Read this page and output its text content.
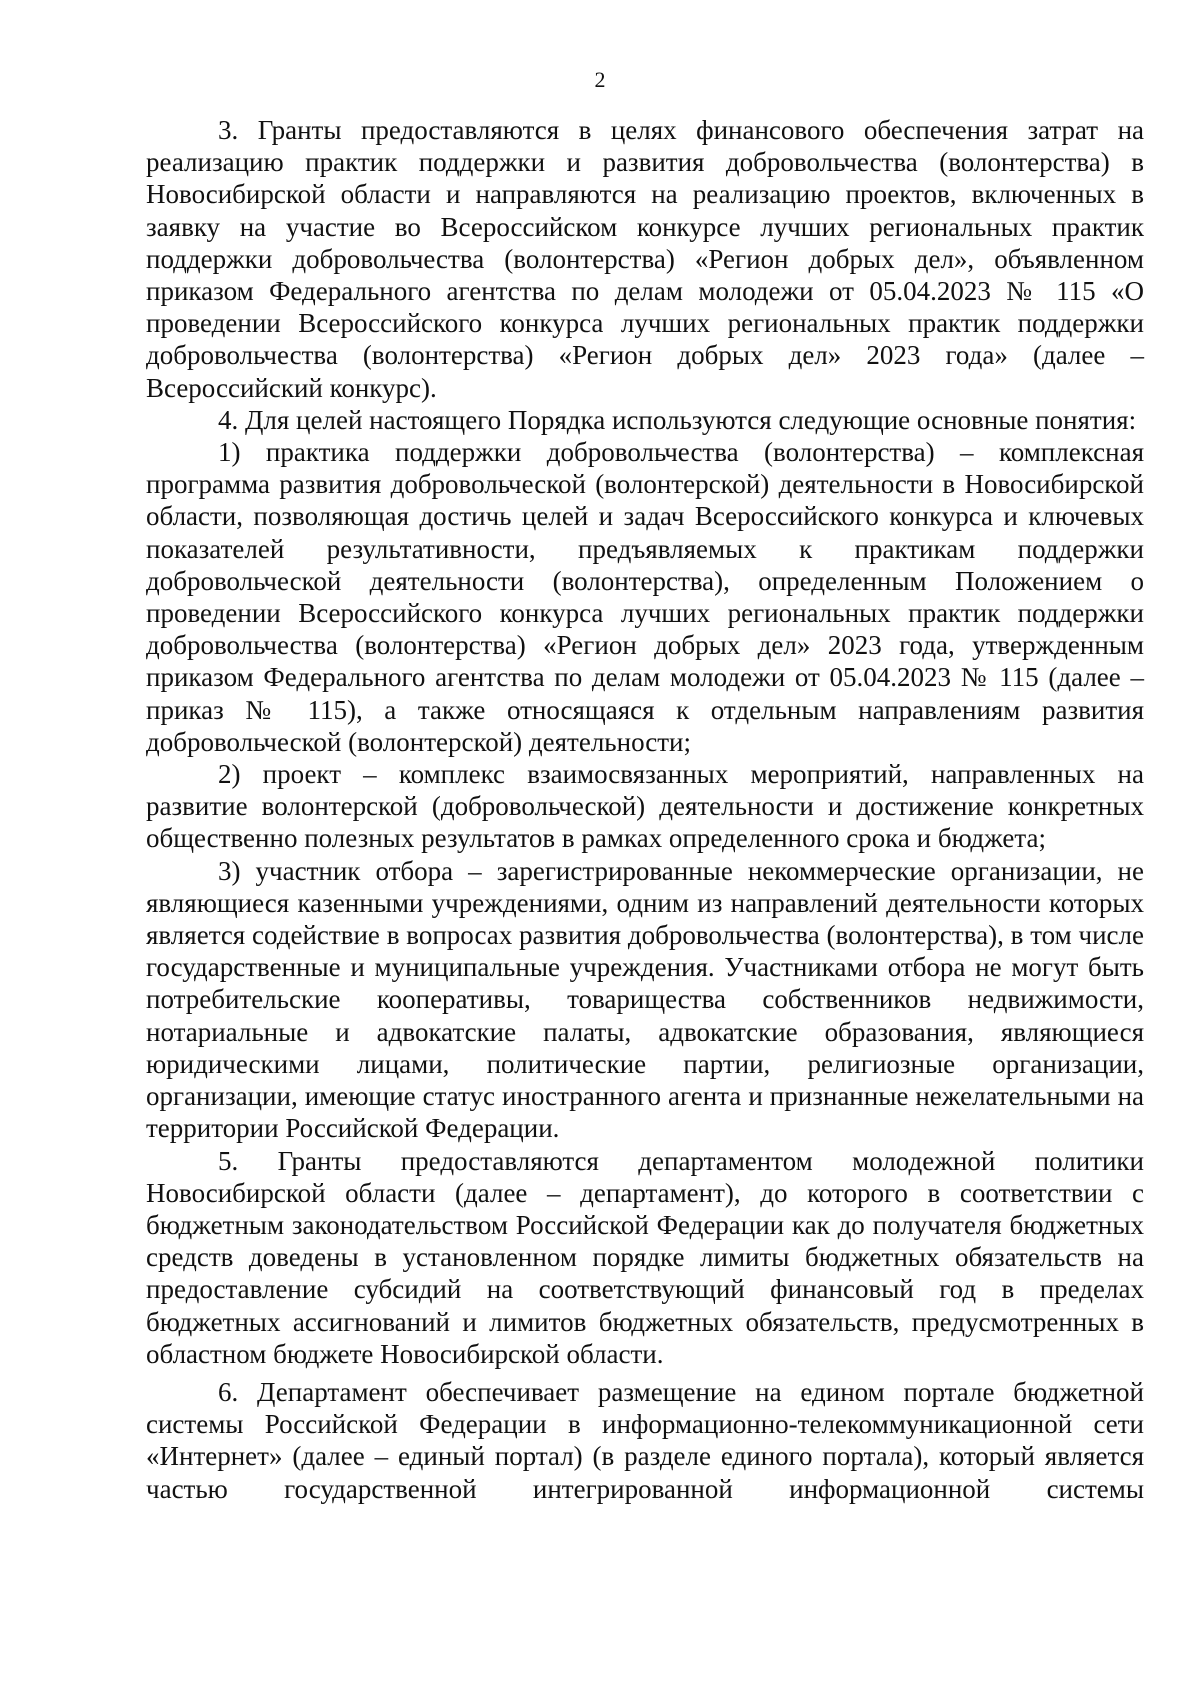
2

3. Гранты предоставляются в целях финансового обеспечения затрат на реализацию практик поддержки и развития добровольчества (волонтерства) в Новосибирской области и направляются на реализацию проектов, включенных в заявку на участие во Всероссийском конкурсе лучших региональных практик поддержки добровольчества (волонтерства) «Регион добрых дел», объявленном приказом Федерального агентства по делам молодежи от 05.04.2023 № 115 «О проведении Всероссийского конкурса лучших региональных практик поддержки добровольчества (волонтерства) «Регион добрых дел» 2023 года» (далее – Всероссийский конкурс).

4. Для целей настоящего Порядка используются следующие основные понятия:

1) практика поддержки добровольчества (волонтерства) – комплексная программа развития добровольческой (волонтерской) деятельности в Новосибирской области, позволяющая достичь целей и задач Всероссийского конкурса и ключевых показателей результативности, предъявляемых к практикам поддержки добровольческой деятельности (волонтерства), определенным Положением о проведении Всероссийского конкурса лучших региональных практик поддержки добровольчества (волонтерства) «Регион добрых дел» 2023 года, утвержденным приказом Федерального агентства по делам молодежи от 05.04.2023 № 115 (далее – приказ № 115), а также относящаяся к отдельным направлениям развития добровольческой (волонтерской) деятельности;

2) проект – комплекс взаимосвязанных мероприятий, направленных на развитие волонтерской (добровольческой) деятельности и достижение конкретных общественно полезных результатов в рамках определенного срока и бюджета;

3) участник отбора – зарегистрированные некоммерческие организации, не являющиеся казенными учреждениями, одним из направлений деятельности которых является содействие в вопросах развития добровольчества (волонтерства), в том числе государственные и муниципальные учреждения. Участниками отбора не могут быть потребительские кооперативы, товарищества собственников недвижимости, нотариальные и адвокатские палаты, адвокатские образования, являющиеся юридическими лицами, политические партии, религиозные организации, организации, имеющие статус иностранного агента и признанные нежелательными на территории Российской Федерации.

5. Гранты предоставляются департаментом молодежной политики Новосибирской области (далее – департамент), до которого в соответствии с бюджетным законодательством Российской Федерации как до получателя бюджетных средств доведены в установленном порядке лимиты бюджетных обязательств на предоставление субсидий на соответствующий финансовый год в пределах бюджетных ассигнований и лимитов бюджетных обязательств, предусмотренных в областном бюджете Новосибирской области.

6. Департамент обеспечивает размещение на едином портале бюджетной системы Российской Федерации в информационно-телекоммуникационной сети «Интернет» (далее – единый портал) (в разделе единого портала), который является частью государственной интегрированной информационной системы
